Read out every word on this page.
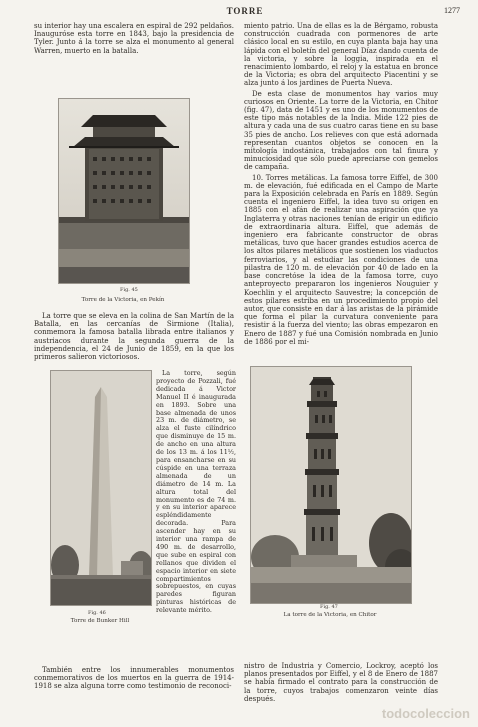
TORRE	1277

su interior hay una escalera en espiral de 292 peldaños. Inauguróse esta torre en 1843, bajo la presidencia de Tyler. Junto á la torre se alza el monumento al general Warren, muerto en la batalla.

Fig. 45
Torre de la Victoria, en Pekín

La torre que se eleva en la colina de San Martín de la Batalla, en las cercanías de Sirmione (Italia), conmemora la famosa batalla librada entre italianos y austriacos durante la segunda guerra de la independencia, el 24 de Junio de 1859, en la que los primeros salieron victoriosos.

Fig. 46
Torre de Bunker Hill

La torre, según proyecto de Pozzali, fué dedicada á Victor Manuel II é inaugurada en 1893. Sobre una base almenada de unos 23 m. de diámetro, se alza el fuste cilíndrico que disminuye de 15 m. de ancho en una altura de los 13 m. á los 11½, para ensancharse en su cúspide en una terraza almenada de un diámetro de 14 m. La altura total del monumento es de 74 m. y en su interior aparece espléndidamente decorada. Para ascender hay en su interior una rampa de 490 m. de desarrollo, que sube en espiral con rellanos que dividen el espacio interior en siete compartimientos sobrepuestos, en cuyas paredes figuran pinturas históricas de relevante mérito.

También entre los innumerables monumentos conmemorativos de los muertos en la guerra de 1914-1918 se alza alguna torre como testimonio de reconoci-

miento patrio. Una de ellas es la de Bérgamo, robusta construcción cuadrada con pormenores de arte clásico local en su estilo, en cuya planta baja hay una lápida con el boletín del general Díaz dando cuenta de la victoria, y sobre la loggia, inspirada en el renacimiento lombardo, el reloj y la estatua en bronce de la Victoria; es obra del arquitecto Piacentini y se alza junto á los jardines de Puerta Nueva.

De esta clase de monumentos hay varios muy curiosos en Oriente. La torre de la Victoria, en Chitor (fig. 47), data de 1451 y es uno de los monumentos de este tipo más notables de la India. Mide 122 pies de altura y cada una de sus cuatro caras tiene en su base 35 pies de ancho. Los relieves con que está adornada representan cuantos objetos se conocen en la mitología indostánica, trabajados con tal finura y minuciosidad que sólo puede apreciarse con gemelos de campaña.

10. Torres metálicas. La famosa torre Eiffel, de 300 m. de elevación, fué edificada en el Campo de Marte para la Exposición celebrada en París en 1889. Según cuenta el ingeniero Eiffel, la idea tuvo su origen en 1885 con el afán de realizar una aspiración que ya Inglaterra y otras naciones tenían de erigir un edificio de extraordinaria altura. Eiffel, que además de ingeniero era fabricante constructor de obras metálicas, tuvo que hacer grandes estudios acerca de los altos pilares metálicos que sostienen los viaductos ferroviarios, y al estudiar las condiciones de una pilastra de 120 m. de elevación por 40 de lado en la base concretóse la idea de la famosa torre, cuyo anteproyecto prepararon los ingenieros Nouguier y Koechlin y el arquitecto Sauvestre; la concepción de estos pilares estriba en un procedimiento propio del autor, que consiste en dar á las aristas de la pirámide que forma el pilar la curvatura conveniente para resistir á la fuerza del viento; las obras empezaron en Enero de 1887 y fué una Comisión nombrada en Junio de 1886 por el mi-

Fig. 47
La torre de la Victoria, en Chitor

nistro de Industria y Comercio, Lockroy, aceptó los planos presentados por Eiffel, y el 8 de Enero de 1887 se había firmado el contrato para la construcción de la torre, cuyos trabajos comenzaron veinte días después.

todocoleccion
